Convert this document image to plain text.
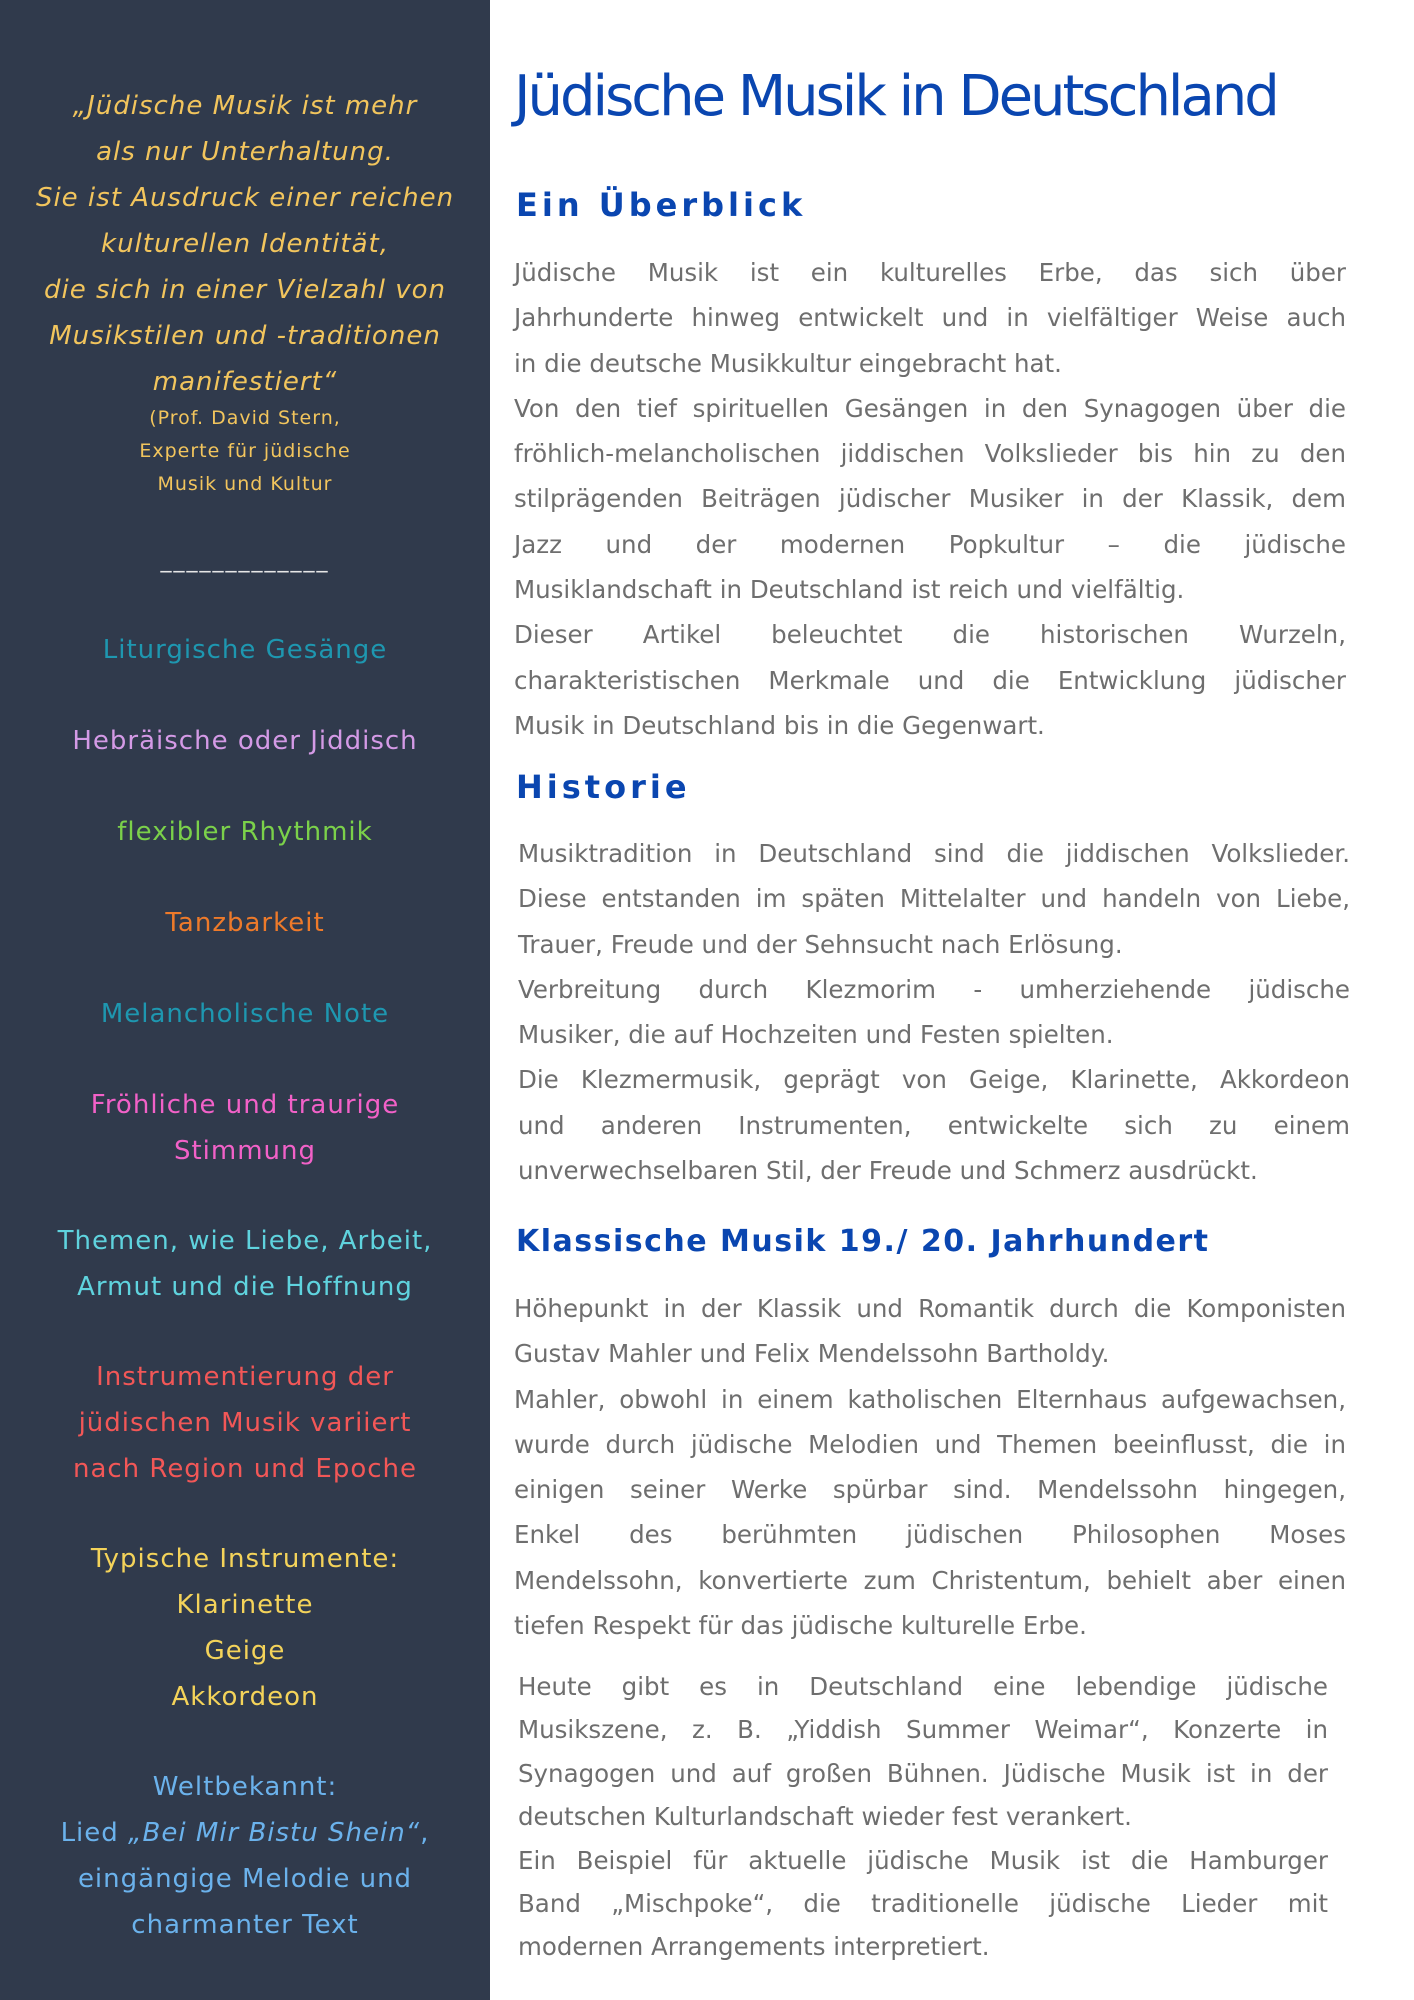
„Jüdische Musik ist mehr
als nur Unterhaltung.
Sie ist Ausdruck einer reichen
kulturellen Identität,
die sich in einer Vielzahl von
Musikstilen und -traditionen
manifestiert“
(Prof. David Stern,
Experte für jüdische
Musik und Kultur
_____________
Liturgische Gesänge
Hebräische oder Jiddisch
flexibler Rhythmik
Tanzbarkeit
Melancholische Note
Fröhliche und traurige
Stimmung
Themen, wie Liebe, Arbeit,
Armut und die Hoffnung
Instrumentierung der
jüdischen Musik variiert
nach Region und Epoche
Typische Instrumente:
Klarinette
Geige
Akkordeon
Weltbekannt:
Lied „Bei Mir Bistu Shein“,
eingängige Melodie und
charmanter Text
Jüdische Musik in Deutschland
Ein Überblick
Jüdische Musik ist ein kulturelles Erbe, das sich über
Jahrhunderte hinweg entwickelt und in vielfältiger Weise auch
in die deutsche Musikkultur eingebracht hat.
Von den tief spirituellen Gesängen in den Synagogen über die
fröhlich-melancholischen jiddischen Volkslieder bis hin zu den
stilprägenden Beiträgen jüdischer Musiker in der Klassik, dem
Jazz und der modernen Popkultur – die jüdische
Musiklandschaft in Deutschland ist reich und vielfältig.
Dieser Artikel beleuchtet die historischen Wurzeln,
charakteristischen Merkmale und die Entwicklung jüdischer
Musik in Deutschland bis in die Gegenwart.
Historie
Musiktradition in Deutschland sind die jiddischen Volkslieder.
Diese entstanden im späten Mittelalter und handeln von Liebe,
Trauer, Freude und der Sehnsucht nach Erlösung.
Verbreitung durch Klezmorim - umherziehende jüdische
Musiker, die auf Hochzeiten und Festen spielten.
Die Klezmermusik, geprägt von Geige, Klarinette, Akkordeon
und anderen Instrumenten, entwickelte sich zu einem
unverwechselbaren Stil, der Freude und Schmerz ausdrückt.
Klassische Musik 19./ 20. Jahrhundert
Höhepunkt in der Klassik und Romantik durch die Komponisten
Gustav Mahler und Felix Mendelssohn Bartholdy.
Mahler, obwohl in einem katholischen Elternhaus aufgewachsen,
wurde durch jüdische Melodien und Themen beeinflusst, die in
einigen seiner Werke spürbar sind. Mendelssohn hingegen,
Enkel des berühmten jüdischen Philosophen Moses
Mendelssohn, konvertierte zum Christentum, behielt aber einen
tiefen Respekt für das jüdische kulturelle Erbe.
Heute gibt es in Deutschland eine lebendige jüdische
Musikszene, z. B. „Yiddish Summer Weimar“, Konzerte in
Synagogen und auf großen Bühnen. Jüdische Musik ist in der
deutschen Kulturlandschaft wieder fest verankert.
Ein Beispiel für aktuelle jüdische Musik ist die Hamburger
Band „Mischpoke“, die traditionelle jüdische Lieder mit
modernen Arrangements interpretiert.
